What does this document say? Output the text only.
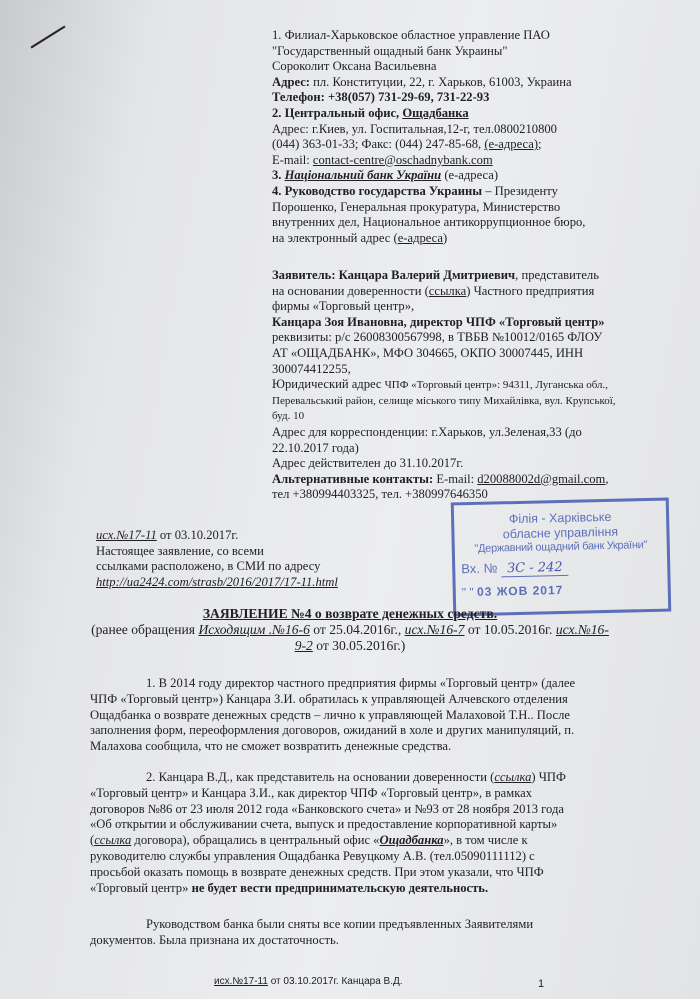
1. Филиал-Харьковское областное управление ПАО
"Государственный ощадный банк Украины"
Сороколит Оксана Васильевна
Адрес: пл. Конституции, 22, г. Харьков, 61003, Украина
Телефон: +38(057) 731-29-69, 731-22-93
2. Центральный офис, Ощадбанка
Адрес: г.Киев, ул. Госпитальная,12-г, тел.0800210800
(044) 363-01-33; Факс: (044) 247-85-68, (е-адреса);
E-mail: contact-centre@oschadnybank.com
3. Національний банк України (е-адреса)
4. Руководство государства Украины – Президенту
Порошенко, Генеральная прокуратура, Министерство
внутренних дел, Национальное антикоррупционное бюро,
на электронный адрес (е-адреса)
Заявитель: Канцара Валерий Дмитриевич, представитель
на основании доверенности (ссылка) Частного предприятия
фирмы «Торговый центр»,
Канцара Зоя Ивановна, директор ЧПФ «Торговый центр»
реквизиты: р/с 26008300567998, в ТВБВ №10012/0165 ФЛОУ
АТ «ОЩАДБАНК», МФО 304665, ОКПО 30007445, ИНН
300074412255,
Юридический адрес ЧПФ «Торговый центр»: 94311, Луганська обл.,
Перевальський район, селище міського типу Михайлівка, вул. Крупської,
буд. 10
Адрес для корреспонденции: г.Харьков, ул.Зеленая,33 (до
22.10.2017 года)
Адрес действителен до 31.10.2017г.
Альтернативные контакты: E-mail: d20088002d@gmail.com,
тел +380994403325, тел. +380997646350
исх.№17-11 от 03.10.2017г.
Настоящее заявление, со всеми
ссылками расположено, в СМИ по адресу
http://ua2424.com/strasb/2016/2017/17-11.html
Філія - Харківське
обласне управління
"Державний ощадний банк України"
Вх. № ЗС - 242
" " 03 ЖОВ 2017
ЗАЯВЛЕНИЕ №4 о возврате денежных средств.
(ранее обращения Исходящим .№16-6 от 25.04.2016г., исх.№16-7 от 10.05.2016г. исх.№16-
9-2 от 30.05.2016г.)
1. В 2014 году директор частного предприятия фирмы «Торговый центр» (далее
ЧПФ «Торговый центр») Канцара З.И. обратилась к управляющей Алчевского отделения
Ощадбанка о возврате денежных средств – лично к управляющей Малаховой Т.Н.. После
заполнения форм, переоформления договоров, ожиданий в холе и других манипуляций, п.
Малахова сообщила, что не сможет возвратить денежные средства.
2. Канцара В.Д., как представитель на основании доверенности (ссылка) ЧПФ
«Торговый центр» и Канцара З.И., как директор ЧПФ «Торговый центр», в рамках
договоров №86 от 23 июля 2012 года «Банковского счета» и №93 от 28 ноября 2013 года
«Об открытии и обслуживании счета, выпуск и предоставление корпоративной карты»
(ссылка договора), обращались в центральный офис «Ощадбанка», в том числе к
руководителю службы управления Ощадбанка Ревуцкому А.В. (тел.05090111112) с
просьбой оказать помощь в возврате денежных средств. При этом указали, что ЧПФ
«Торговый центр» не будет вести предпринимательскую деятельность.
Руководством банка были сняты все копии предъявленных Заявителями
документов. Была признана их достаточность.
исх.№17-11 от 03.10.2017г. Канцара В.Д.	1
